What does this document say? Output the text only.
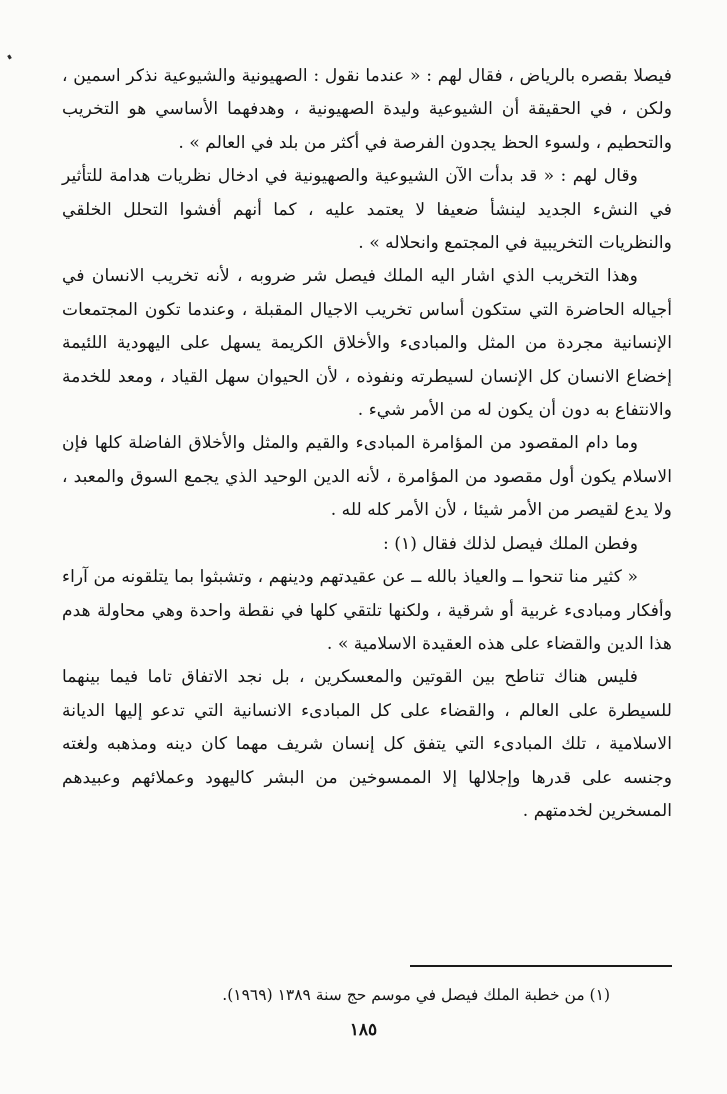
فيصلا بقصره بالرياض ، فقال لهم : « عندما نقول : الصهيونية والشيوعية نذكر اسمين ، ولكن ، في الحقيقة أن الشيوعية وليدة الصهيونية ، وهدفهما الأساسي هو التخريب والتحطيم ، ولسوء الحظ يجدون الفرصة في أكثر من بلد في العالم » .

وقال لهم : « قد بدأت الآن الشيوعية والصهيونية في ادخال نظريات هدامة للتأثير في النشء الجديد لينشأ ضعيفا لا يعتمد عليه ، كما أنهم أفشوا التحلل الخلقي والنظريات التخريبية في المجتمع وانحلاله » .

وهذا التخريب الذي اشار اليه الملك فيصل شر ضروبه ، لأنه تخريب الانسان في أجياله الحاضرة التي ستكون أساس تخريب الاجيال المقبلة ، وعندما تكون المجتمعات الإنسانية مجردة من المثل والمبادىء والأخلاق الكريمة يسهل على اليهودية اللئيمة إخضاع الانسان كل الإنسان لسيطرته ونفوذه ، لأن الحيوان سهل القياد ، ومعد للخدمة والانتفاع به دون أن يكون له من الأمر شيء .

وما دام المقصود من المؤامرة المبادىء والقيم والمثل والأخلاق الفاضلة كلها فإن الاسلام يكون أول مقصود من المؤامرة ، لأنه الدين الوحيد الذي يجمع السوق والمعبد ، ولا يدع لقيصر من الأمر شيئا ، لأن الأمر كله لله .

وفطن الملك فيصل لذلك فقال (١) :

« كثير منا تنحوا ــ والعياذ بالله ــ عن عقيدتهم ودينهم ، وتشبثوا بما يتلقونه من آراء وأفكار ومبادىء غربية أو شرقية ، ولكنها تلتقي كلها في نقطة واحدة وهي محاولة هدم هذا الدين والقضاء على هذه العقيدة الاسلامية » .

فليس هناك تناطح بين القوتين والمعسكرين ، بل نجد الاتفاق تاما فيما بينهما للسيطرة على العالم ، والقضاء على كل المبادىء الانسانية التي تدعو إليها الديانة الاسلامية ، تلك المبادىء التي يتفق كل إنسان شريف مهما كان دينه ومذهبه ولغته وجنسه على قدرها وإجلالها إلا الممسوخين من البشر كاليهود وعملائهم وعبيدهم المسخرين لخدمتهم .

(١) من خطبة الملك فيصل في موسم حج سنة ١٣٨٩ (١٩٦٩).
١٨٥
